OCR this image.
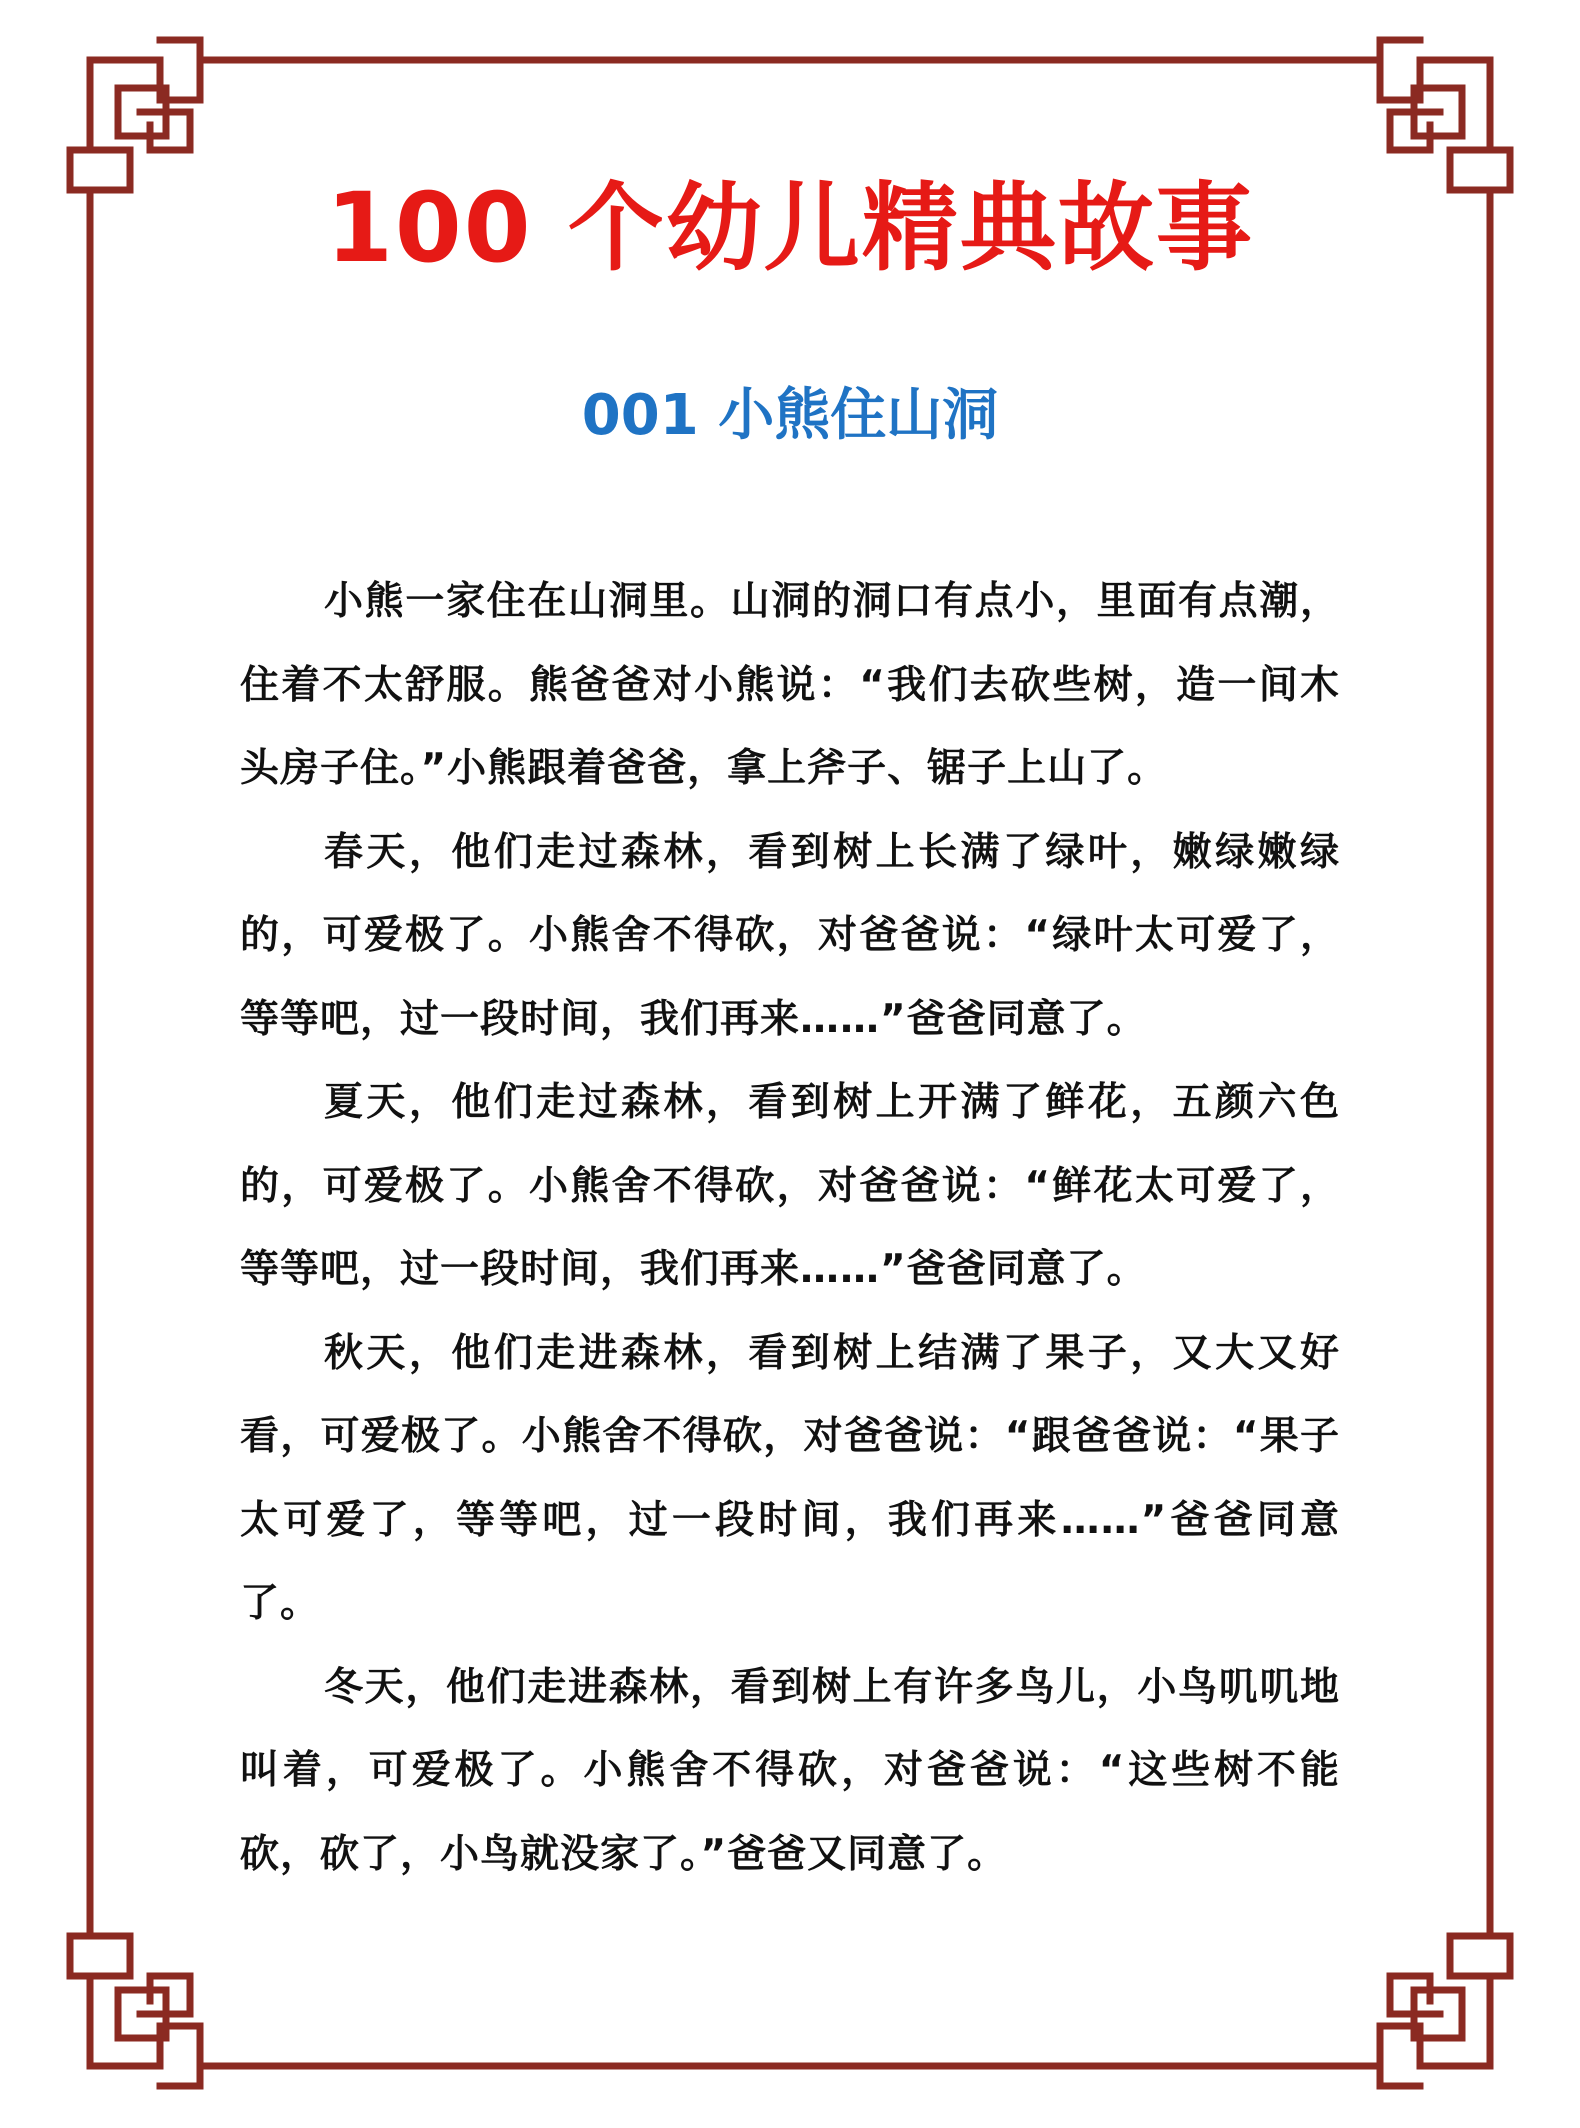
100 个幼儿精典故事
001 小熊住山洞

小熊一家住在山洞里。山洞的洞口有点小，里面有点潮，住着不太舒服。熊爸爸对小熊说：“我们去砍些树，造一间木头房子住。”小熊跟着爸爸，拿上斧子、锯子上山了。

春天，他们走过森林，看到树上长满了绿叶，嫩绿嫩绿的，可爱极了。小熊舍不得砍，对爸爸说：“绿叶太可爱了，等等吧，过一段时间，我们再来……”爸爸同意了。

夏天，他们走过森林，看到树上开满了鲜花，五颜六色的，可爱极了。小熊舍不得砍，对爸爸说：“鲜花太可爱了，等等吧，过一段时间，我们再来……”爸爸同意了。

秋天，他们走进森林，看到树上结满了果子，又大又好看，可爱极了。小熊舍不得砍，对爸爸说：“跟爸爸说：“果子太可爱了，等等吧，过一段时间，我们再来……”爸爸同意了。

冬天，他们走进森林，看到树上有许多鸟儿，小鸟叽叽地叫着，可爱极了。小熊舍不得砍，对爸爸说：“这些树不能砍，砍了，小鸟就没家了。”爸爸又同意了。
